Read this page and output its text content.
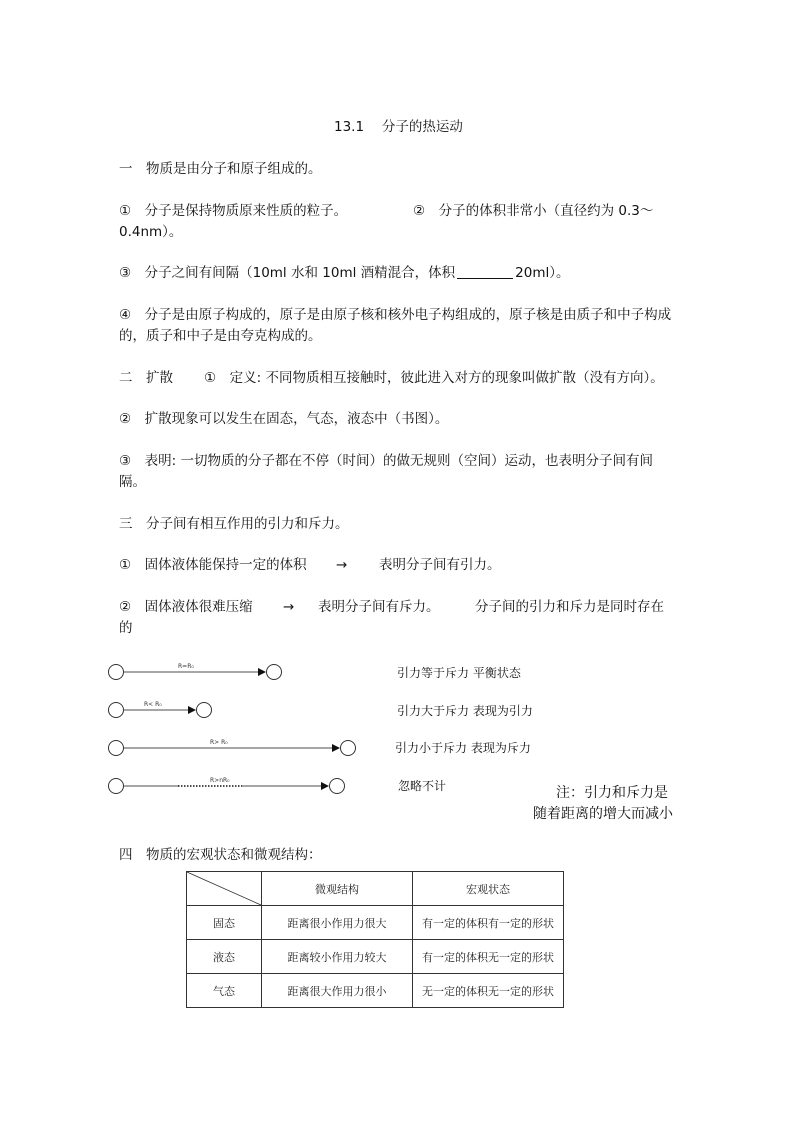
13.1　 分子的热运动
一　物质是由分子和原子组成的。
①　分子是保持物质原来性质的粒子。	②　分子的体积非常小（直径约为 0.3～
0.4nm）。
③　分子之间有间隔（10ml 水和 10ml 酒精混合，体积	20ml）。
④　分子是由原子构成的，原子是由原子核和核外电子构组成的，原子核是由质子和中子构成的，质子和中子是由夸克构成的。
二　扩散 ①　定义: 不同物质相互接触时，彼此进入对方的现象叫做扩散（没有方向）。
②　扩散现象可以发生在固态，气态，液态中（书图）。
③　表明: 一切物质的分子都在不停（时间）的做无规则（空间）运动，也表明分子间有间隔。
三　分子间有相互作用的引力和斥力。
①　固体液体能保持一定的体积 → 表明分子间有引力。
②　固体液体很难压缩 → 表明分子间有斥力。	分子间的引力和斥力是同时存在
的
R=R₀
R< R₀
R> R₀
R>nR₀
引力等于斥力 平衡状态
引力大于斥力 表现为引力
引力小于斥力 表现为斥力
忽略不计	注：引力和斥力是
随着距离的增大而减小
四　物质的宏观状态和微观结构：
	微观结构	宏观状态
固态	距离很小作用力很大	有一定的体积有一定的形状
液态	距离较小作用力较大	有一定的体积无一定的形状
气态	距离很大作用力很小	无一定的体积无一定的形状
